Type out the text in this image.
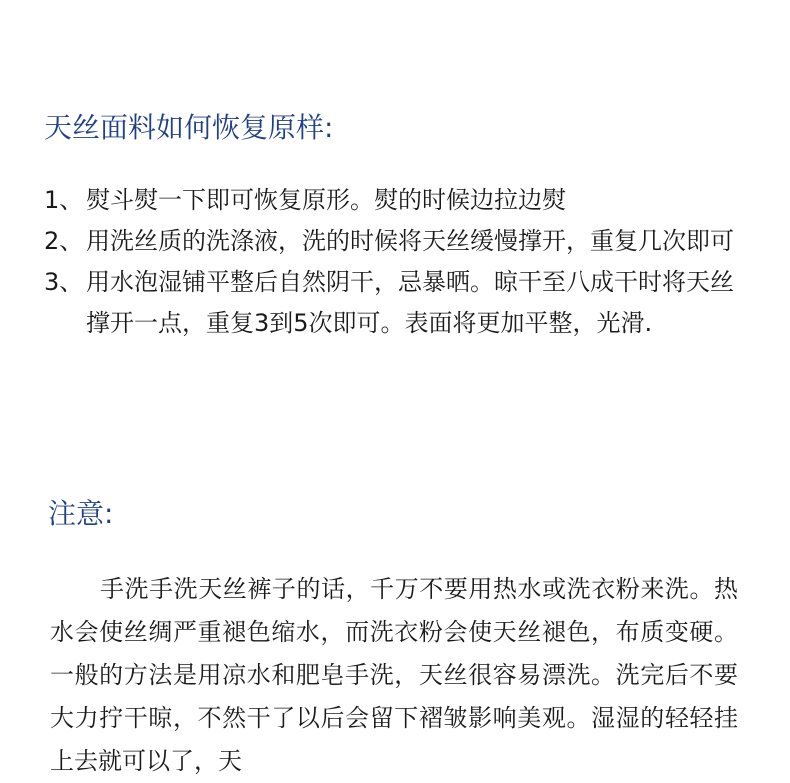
天丝面料如何恢复原样:
1、 熨斗熨一下即可恢复原形。熨的时候边拉边熨
2、 用洗丝质的洗涤液，洗的时候将天丝缓慢撑开，重复几次即可
3、 用水泡湿铺平整后自然阴干，忌暴晒。晾干至八成干时将天丝撑开一点，重复3到5次即可。表面将更加平整，光滑.
注意:

手洗手洗天丝裤子的话，千万不要用热水或洗衣粉来洗。热水会使丝绸严重褪色缩水，而洗衣粉会使天丝褪色，布质变硬。一般的方法是用凉水和肥皂手洗，天丝很容易漂洗。洗完后不要大力拧干晾，不然干了以后会留下褶皱影响美观。湿湿的轻轻挂上去就可以了，天
